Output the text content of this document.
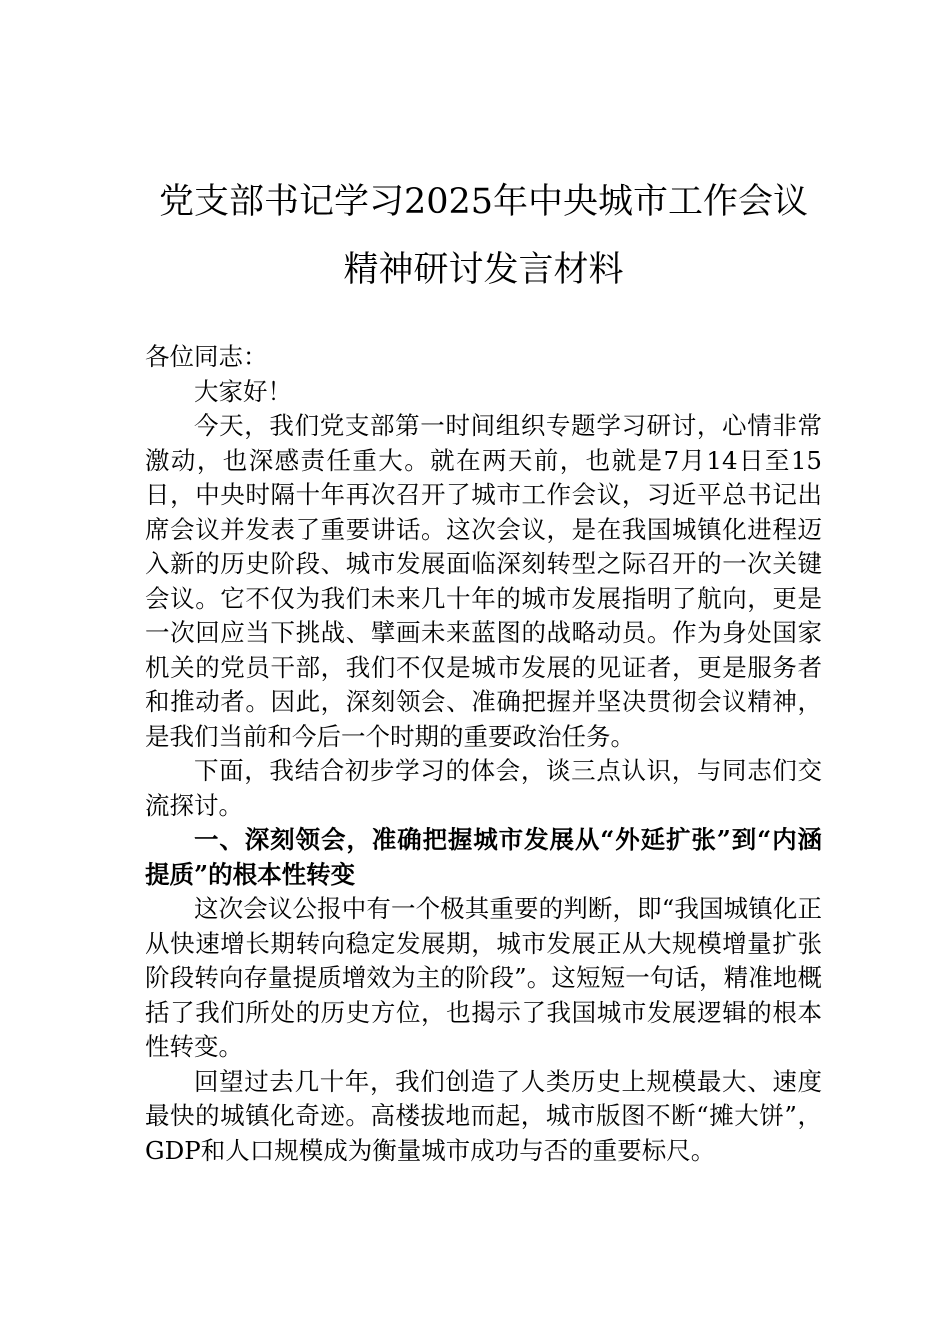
党支部书记学习2025年中央城市工作会议
精神研讨发言材料

各位同志：

大家好！

今天，我们党支部第一时间组织专题学习研讨，心情非常激动，也深感责任重大。就在两天前，也就是7月14日至15日，中央时隔十年再次召开了城市工作会议，习近平总书记出席会议并发表了重要讲话。这次会议，是在我国城镇化进程迈入新的历史阶段、城市发展面临深刻转型之际召开的一次关键会议。它不仅为我们未来几十年的城市发展指明了航向，更是一次回应当下挑战、擘画未来蓝图的战略动员。作为身处国家机关的党员干部，我们不仅是城市发展的见证者，更是服务者和推动者。因此，深刻领会、准确把握并坚决贯彻会议精神，是我们当前和今后一个时期的重要政治任务。

下面，我结合初步学习的体会，谈三点认识，与同志们交流探讨。

一、深刻领会，准确把握城市发展从“外延扩张”到“内涵提质”的根本性转变

这次会议公报中有一个极其重要的判断，即“我国城镇化正从快速增长期转向稳定发展期，城市发展正从大规模增量扩张阶段转向存量提质增效为主的阶段”。这短短一句话，精准地概括了我们所处的历史方位，也揭示了我国城市发展逻辑的根本性转变。

回望过去几十年，我们创造了人类历史上规模最大、速度最快的城镇化奇迹。高楼拔地而起，城市版图不断“摊大饼”，GDP和人口规模成为衡量城市成功与否的重要标尺。
